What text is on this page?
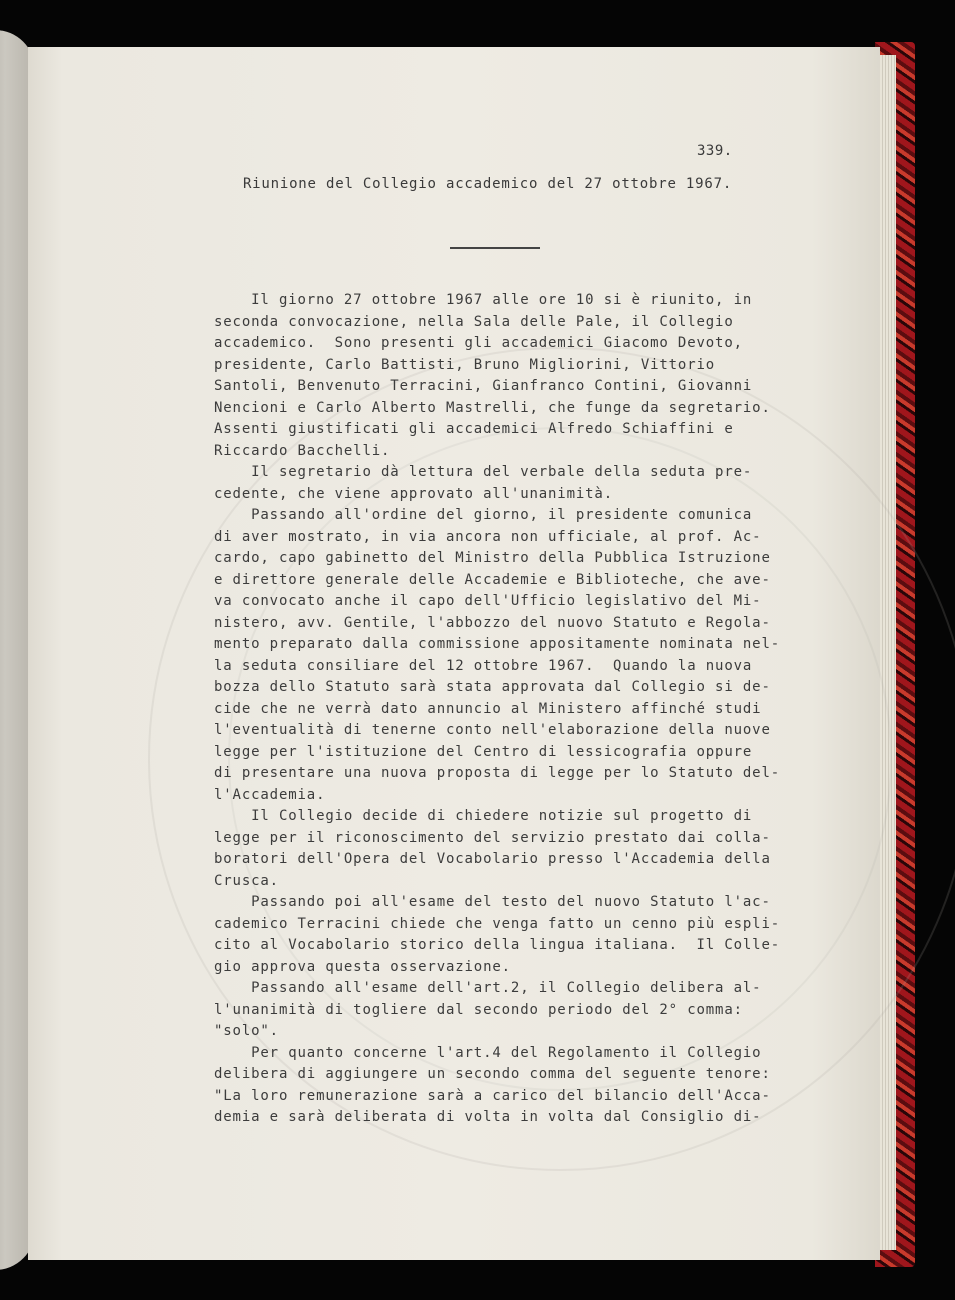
339.
Riunione del Collegio accademico del 27 ottobre 1967.
Il giorno 27 ottobre 1967 alle ore 10 si è riunito, in
seconda convocazione, nella Sala delle Pale, il Collegio
accademico.  Sono presenti gli accademici Giacomo Devoto,
presidente, Carlo Battisti, Bruno Migliorini, Vittorio
Santoli, Benvenuto Terracini, Gianfranco Contini, Giovanni
Nencioni e Carlo Alberto Mastrelli, che funge da segretario.
Assenti giustificati gli accademici Alfredo Schiaffini e
Riccardo Bacchelli.
Il segretario dà lettura del verbale della seduta pre-
cedente, che viene approvato all'unanimità.
Passando all'ordine del giorno, il presidente comunica
di aver mostrato, in via ancora non ufficiale, al prof. Ac-
cardo, capo gabinetto del Ministro della Pubblica Istruzione
e direttore generale delle Accademie e Biblioteche, che ave-
va convocato anche il capo dell'Ufficio legislativo del Mi-
nistero, avv. Gentile, l'abbozzo del nuovo Statuto e Regola-
mento preparato dalla commissione appositamente nominata nel-
la seduta consiliare del 12 ottobre 1967.  Quando la nuova
bozza dello Statuto sarà stata approvata dal Collegio si de-
cide che ne verrà dato annuncio al Ministero affinché studi
l'eventualità di tenerne conto nell'elaborazione della nuove
legge per l'istituzione del Centro di lessicografia oppure
di presentare una nuova proposta di legge per lo Statuto del-
l'Accademia.
Il Collegio decide di chiedere notizie sul progetto di
legge per il riconoscimento del servizio prestato dai colla-
boratori dell'Opera del Vocabolario presso l'Accademia della
Crusca.
Passando poi all'esame del testo del nuovo Statuto l'ac-
cademico Terracini chiede che venga fatto un cenno più espli-
cito al Vocabolario storico della lingua italiana.  Il Colle-
gio approva questa osservazione.
Passando all'esame dell'art.2, il Collegio delibera al-
l'unanimità di togliere dal secondo periodo del 2° comma:
"solo".
Per quanto concerne l'art.4 del Regolamento il Collegio
delibera di aggiungere un secondo comma del seguente tenore:
"La loro remunerazione sarà a carico del bilancio dell'Acca-
demia e sarà deliberata di volta in volta dal Consiglio di-
